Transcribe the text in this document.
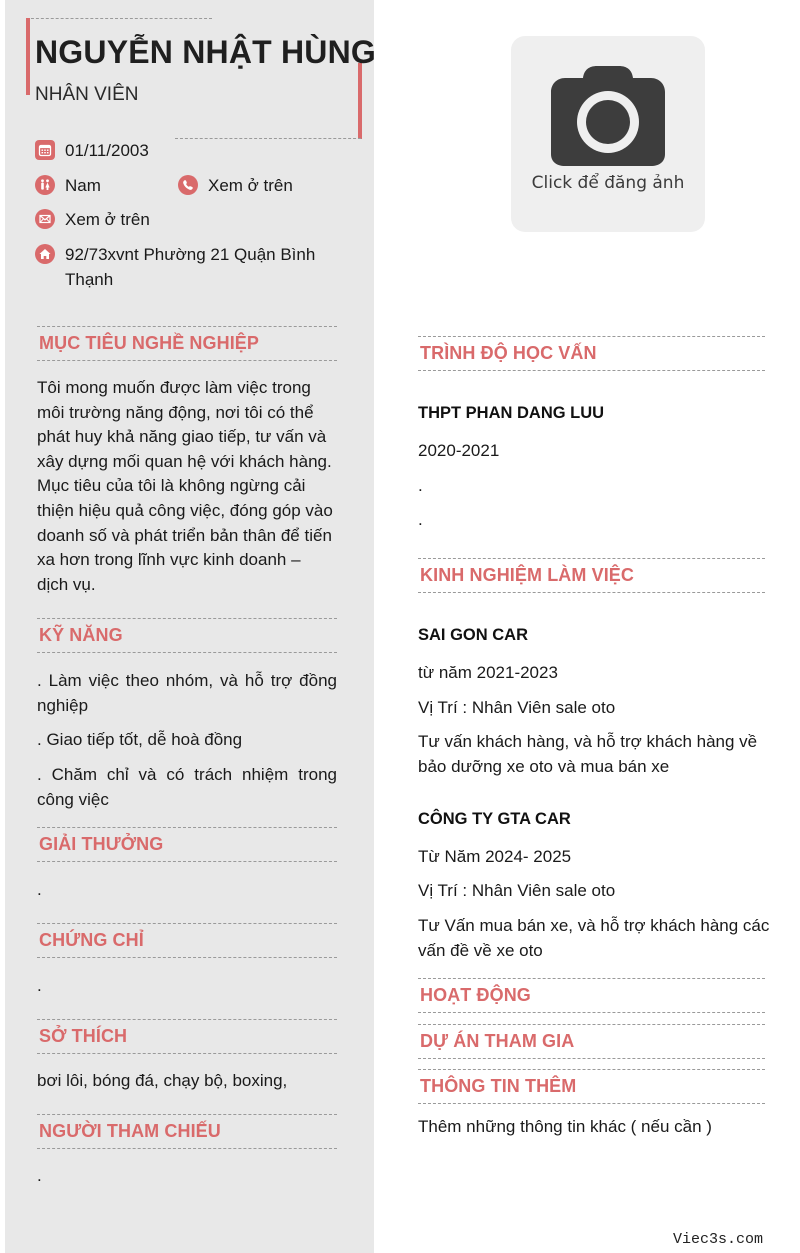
NGUYỄN NHẬT HÙNG
NHÂN VIÊN
01/11/2003
Nam	Xem ở trên
Xem ở trên
92/73xvnt Phường 21 Quận Bình
Thạnh
Click để đăng ảnh
MỤC TIÊU NGHỀ NGHIỆP
Tôi mong muốn được làm việc trong
môi trường năng động, nơi tôi có thể
phát huy khả năng giao tiếp, tư vấn và
xây dựng mối quan hệ với khách hàng.
Mục tiêu của tôi là không ngừng cải
thiện hiệu quả công việc, đóng góp vào
doanh số và phát triển bản thân để tiến
xa hơn trong lĩnh vực kinh doanh –
dịch vụ.
KỸ NĂNG
. Làm việc theo nhóm, và hỗ trợ đồng
nghiệp
. Giao tiếp tốt, dễ hoà đồng
. Chăm chỉ và có trách nhiệm trong
công việc
GIẢI THƯỞNG
.
CHỨNG CHỈ
.
SỞ THÍCH
bơi lôi, bóng đá, chạy bộ, boxing,
NGƯỜI THAM CHIẾU
.
TRÌNH ĐỘ HỌC VẤN
THPT PHAN DANG LUU
2020-2021
.
.
KINH NGHIỆM LÀM VIỆC
SAI GON CAR
từ năm 2021-2023
Vị Trí : Nhân Viên sale oto
Tư vấn khách hàng, và hỗ trợ khách hàng về
bảo dưỡng xe oto và mua bán xe
CÔNG TY GTA CAR
Từ Năm 2024- 2025
Vị Trí : Nhân Viên sale oto
Tư Vấn mua bán xe, và hỗ trợ khách hàng các
vấn đề về xe oto
HOẠT ĐỘNG
DỰ ÁN THAM GIA
THÔNG TIN THÊM
Thêm những thông tin khác ( nếu cần )
Viec3s.com
